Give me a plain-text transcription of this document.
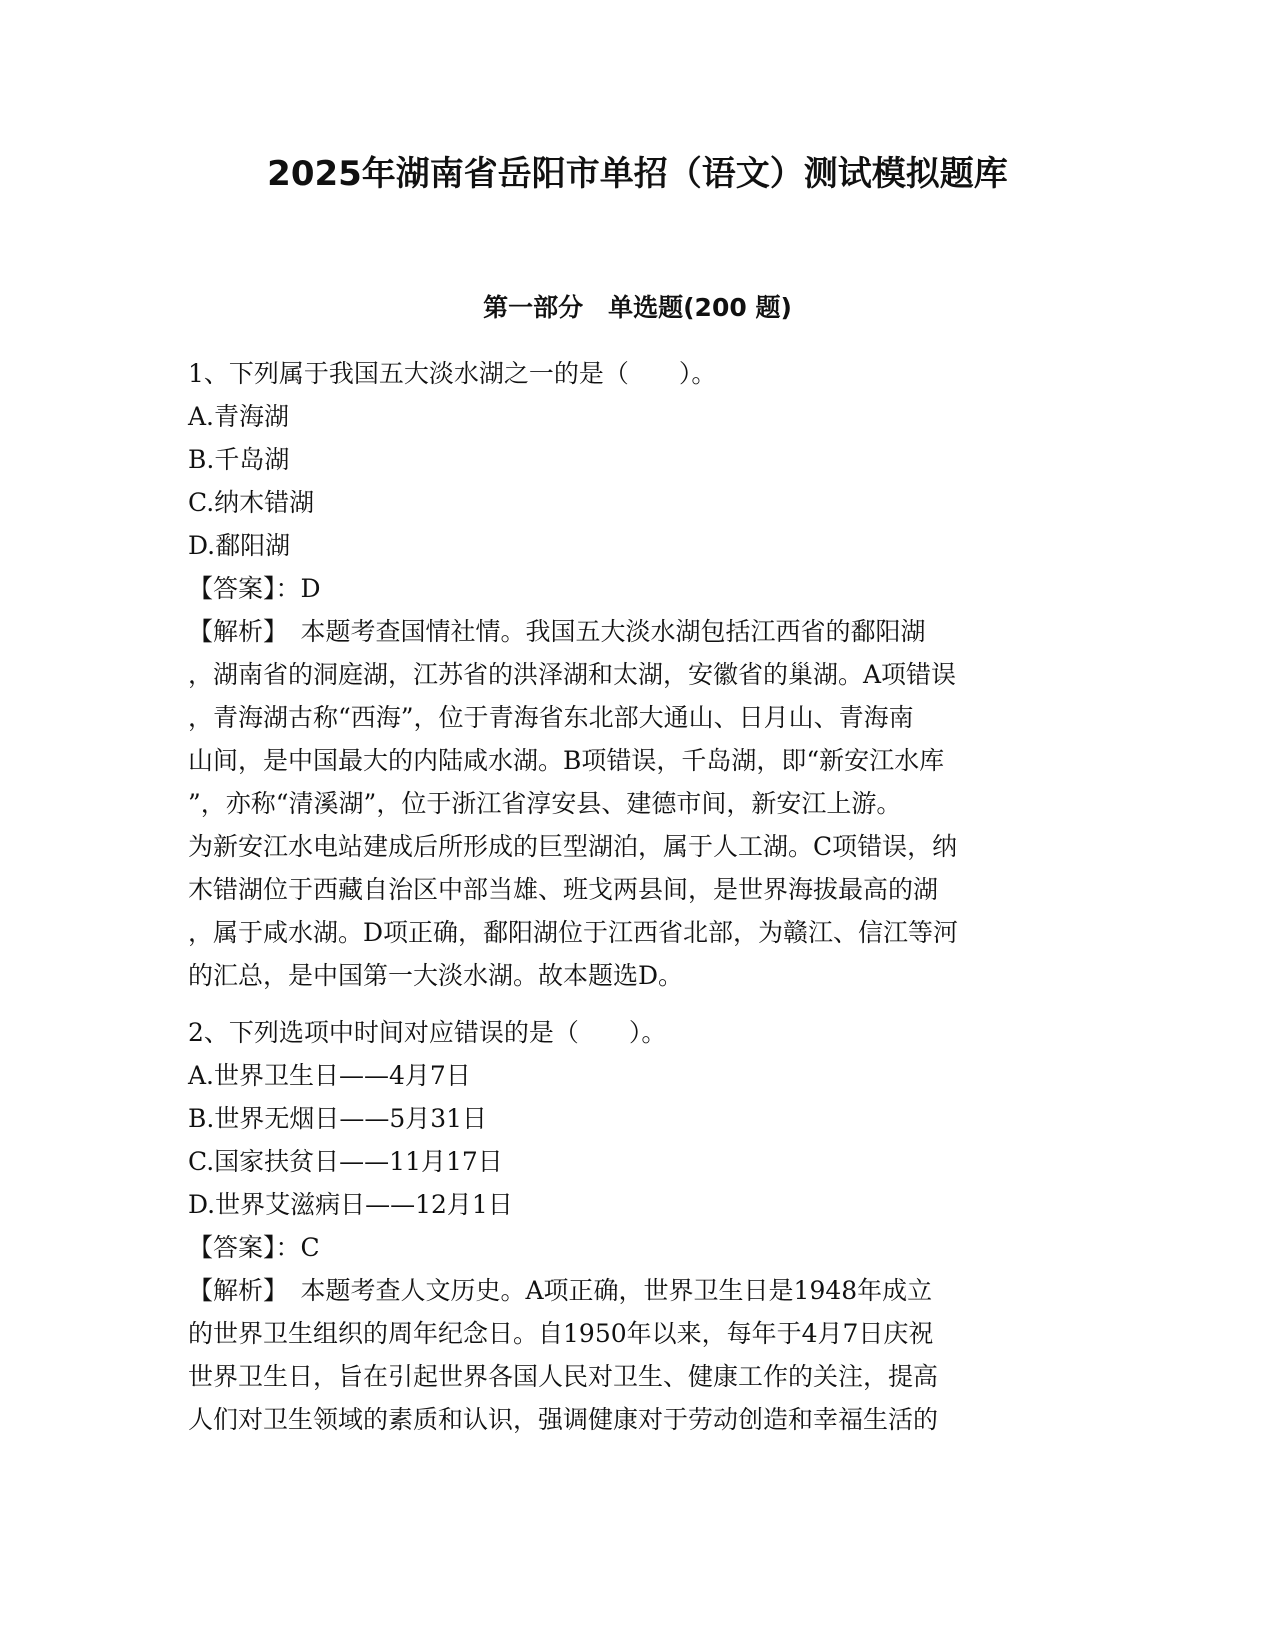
2025年湖南省岳阳市单招（语文）测试模拟题库
第一部分　单选题(200 题)
1、下列属于我国五大淡水湖之一的是（　　）。
A.青海湖
B.千岛湖
C.纳木错湖
D.鄱阳湖
【答案】：D
【解析】　本题考查国情社情。我国五大淡水湖包括江西省的鄱阳湖
，湖南省的洞庭湖，江苏省的洪泽湖和太湖，安徽省的巢湖。A项错误
，青海湖古称“西海”，位于青海省东北部大通山、日月山、青海南
山间，是中国最大的内陆咸水湖。B项错误，千岛湖，即“新安江水库
”，亦称“清溪湖”，位于浙江省淳安县、建德市间，新安江上游。
为新安江水电站建成后所形成的巨型湖泊，属于人工湖。C项错误，纳
木错湖位于西藏自治区中部当雄、班戈两县间，是世界海拔最高的湖
，属于咸水湖。D项正确，鄱阳湖位于江西省北部，为赣江、信江等河
的汇总，是中国第一大淡水湖。故本题选D。
2、下列选项中时间对应错误的是（　　）。
A.世界卫生日——4月7日
B.世界无烟日——5月31日
C.国家扶贫日——11月17日
D.世界艾滋病日——12月1日
【答案】：C
【解析】　本题考查人文历史。A项正确，世界卫生日是1948年成立
的世界卫生组织的周年纪念日。自1950年以来，每年于4月7日庆祝
世界卫生日，旨在引起世界各国人民对卫生、健康工作的关注，提高
人们对卫生领域的素质和认识，强调健康对于劳动创造和幸福生活的
